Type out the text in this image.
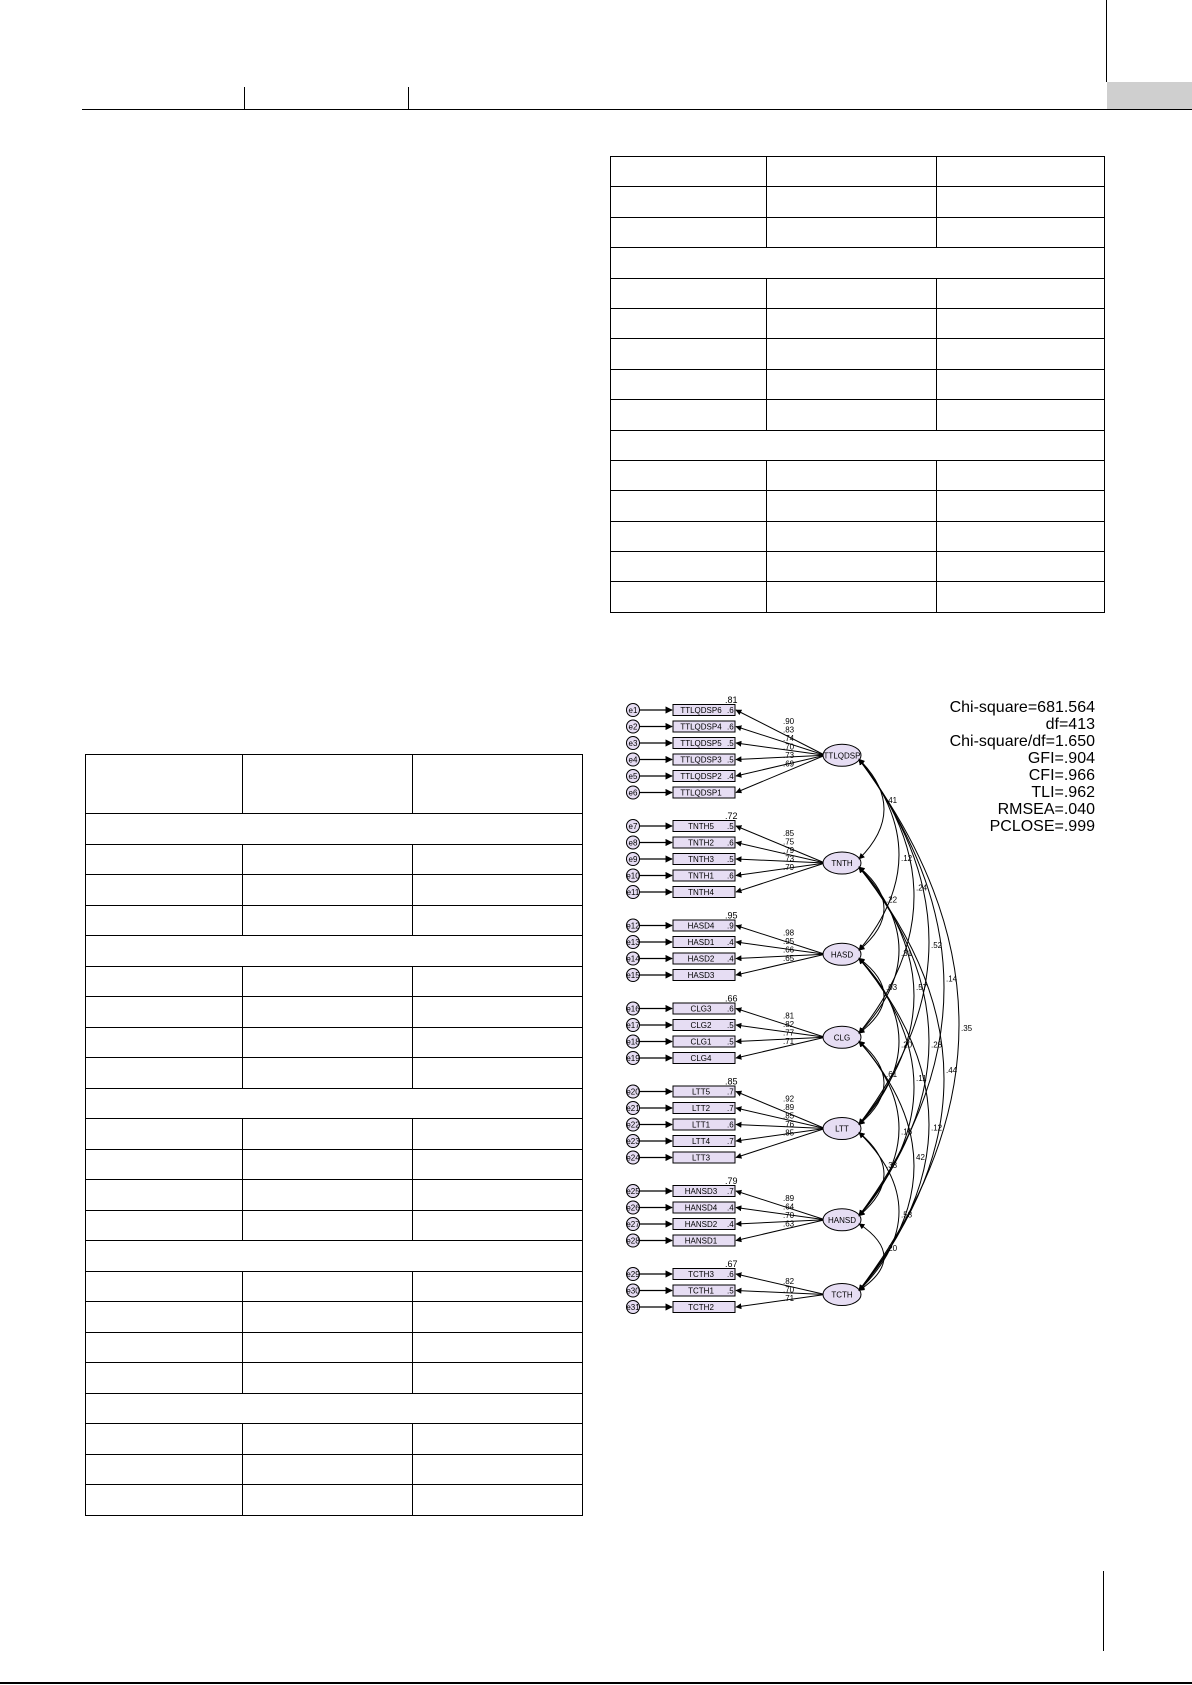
Chi-square=681.564
df=413
Chi-square/df=1.650
GFI=.904
CFI=.966
TLI=.962
RMSEA=.040
PCLOSE=.999
.81
e1	TTLQDSP6 .6
e2	TTLQDSP4 .6
e3	TTLQDSP5 .5
e4	TTLQDSP3 .5
e5	TTLQDSP2 .4
e6	TTLQDSP1
.90
.83
.74
.70
.73
.69
TTLQDSP
.72
e7	TNTH5 .5
e8	TNTH2 .6
e9	TNTH3 .5
e10	TNTH1 .6
e11	TNTH4
.85
.75
.79
.73
.79	TNTH
.95
e12	HASD4 .9
e13	HASD1 .4
e14	HASD2 .4
e15	HASD3
.98
.95
.66
.65	HASD
.66
e16	CLG3 .6
e17	CLG2 .5
e18	CLG1 .5
e19	CLG4
.81
.82
.77
.71	CLG
.85
e20	LTT5 .7
e21	LTT2 .7
e22	LTT1 .6
e23	LTT4 .7
e24	LTT3
.92
.89
.85
.76
.85	LTT
.79
e25	HANSD3 .7
e26	HANSD4 .4
e27	HANSD2 .4
e28	HANSD1
.89
.64
.70
.63	HANSD
.67
e29	TCTH3 .6
e30	TCTH1 .5
e31	TCTH2
.82
.70
.71	TCTH
.41
.22
.03
.61
.33
.20
.12
.31
.20
.16
.58
.24
.57
.11
42
.52
.28
.12
.14
.44
.35
